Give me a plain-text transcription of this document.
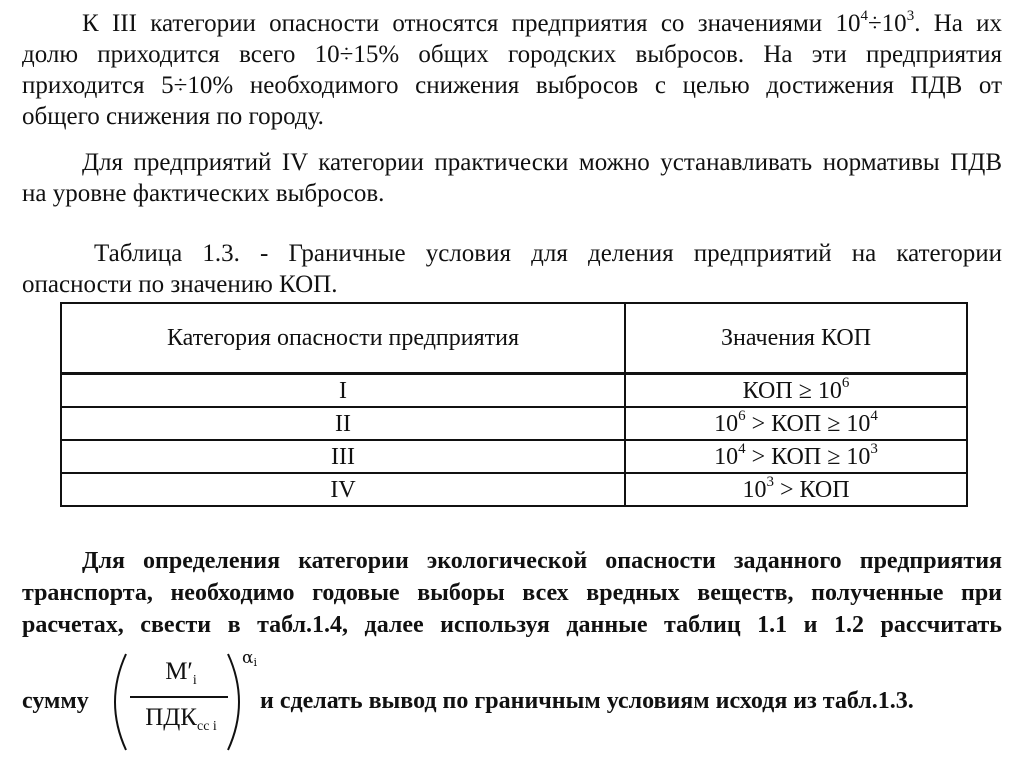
К III категории опасности относятся предприятия со значениями $10^4\div 10^3$. На их
долю приходится всего 10÷15% общих городских выбросов. На эти предприятия
приходится 5÷10% необходимого снижения выбросов с целью достижения ПДВ от
общего снижения по городу.
Для предприятий IV категории практически можно устанавливать нормативы ПДВ
на уровне фактических выбросов.
Таблица 1.3. - Граничные условия для деления предприятий на категории
опасности по значению КОП.
Категория опасности предприятия	Значения КОП
I	КОП ≥ $10^6$
II	$10^6$ > КОП ≥ $10^4$
III	$10^4$ > КОП ≥ $10^3$
IV	$10^3$ > КОП
Для определения категории экологической опасности заданного предприятия
транспорта, необходимо годовые выборы всех вредных веществ, полученные при
расчетах, свести в табл.1.4, далее используя данные таблиц 1.1 и 1.2 рассчитать
сумму
$M'_i$
$ПДК_{cc i}$
$\alpha_i$
и сделать вывод по граничным условиям исходя из табл.1.3.
